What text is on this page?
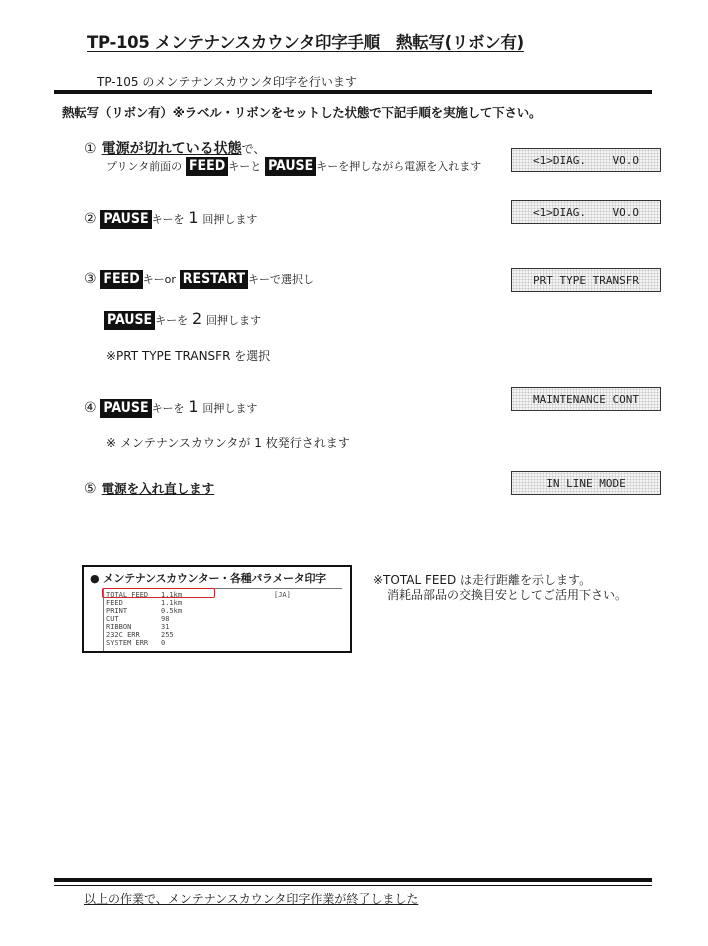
TP-105 メンテナンスカウンタ印字手順　熱転写(リボン有)
TP-105 のメンテナンスカウンタ印字を行います
熱転写（リボン有）※ラベル・リボンをセットした状態で下記手順を実施して下さい。
① 電源が切れている状態で、
プリンタ前面の FEED キーと PAUSE キーを押しながら電源を入れます	<1>DIAG.    VO.O
② PAUSE キーを 1 回押します
<1>DIAG.    VO.O
③ FEED キーor RESTART キーで選択し
PAUSE キーを 2 回押します
※PRT TYPE TRANSFR を選択
PRT TYPE TRANSFR
④ PAUSE キーを 1 回押します
※ メンテナンスカウンタが 1 枚発行されます
MAINTENANCE CONT
⑤ 電源を入れ直します	IN LINE MODE
● メンテナンスカウンター・各種パラメータ印字
TOTAL FEED 1.1km	[JA]
FEED	1.1km
PRINT	0.5km
CUT	98
RIBBON	31
232C ERR	255
SYSTEM ERR 0
※TOTAL FEED は走行距離を示します。
消耗品部品の交換目安としてご活用下さい。
以上の作業で、メンテナンスカウンタ印字作業が終了しました
